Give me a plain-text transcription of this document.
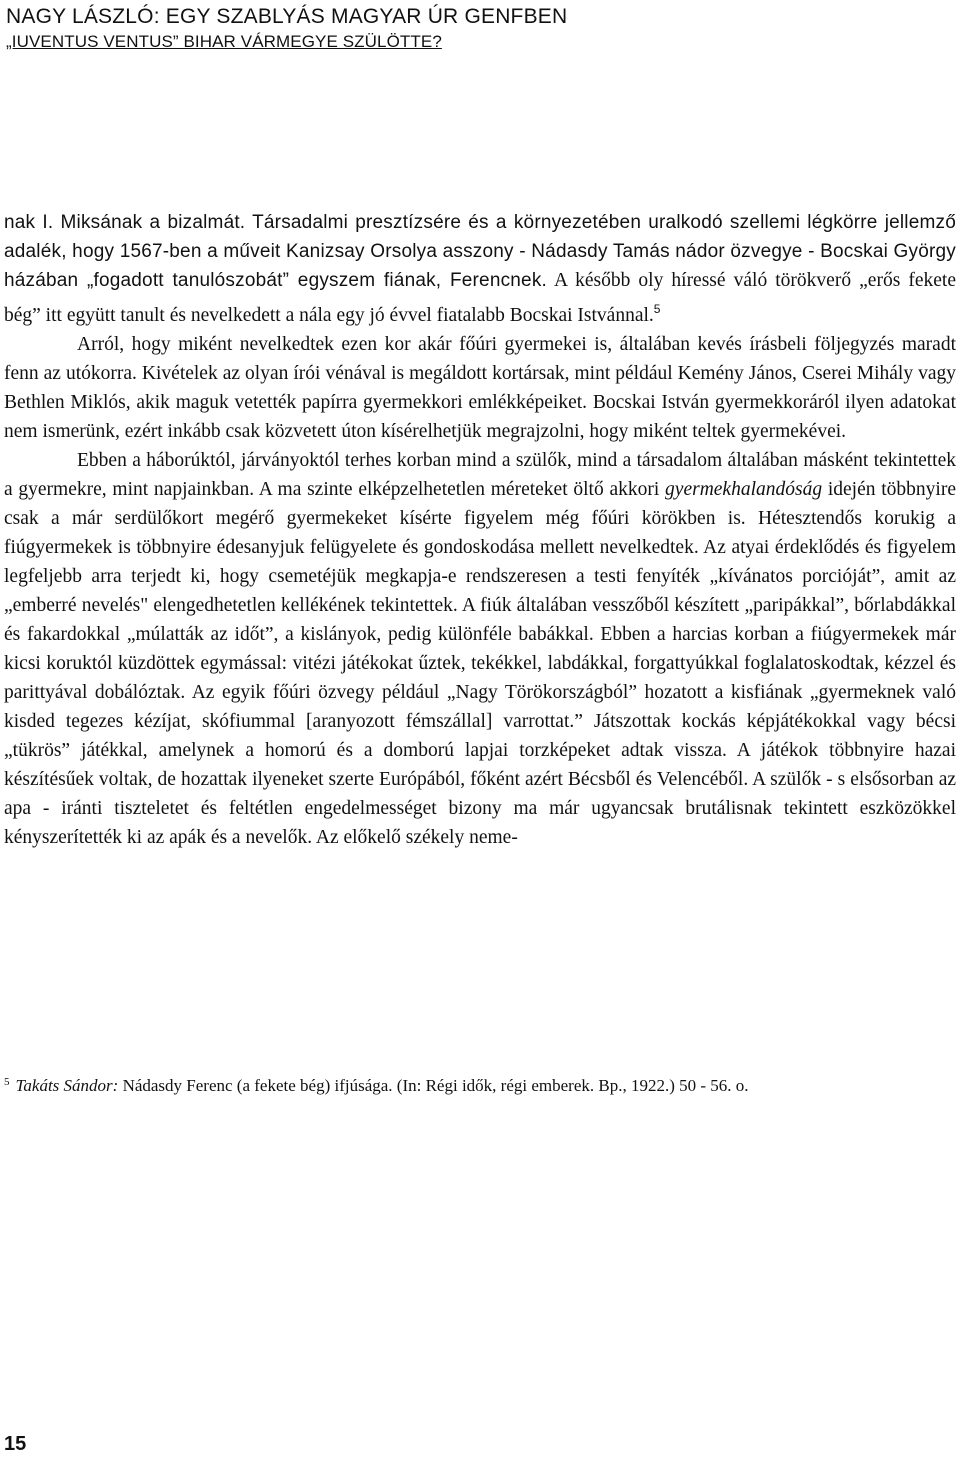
NAGY LÁSZLÓ: EGY SZABLYÁS MAGYAR ÚR GENFBEN
„IUVENTUS VENTUS” BIHAR VÁRMEGYE SZÜLÖTTE?

nak I. Miksának a bizalmát. Társadalmi presztízsére és a környezetében uralkodó szellemi légkörre jellemző adalék, hogy 1567-ben a műveit Kanizsay Orsolya asszony - Nádasdy Tamás nádor özvegye - Bocskai György házában „fogadott tanulószobát” egyszem fiának, Ferencnek. A később oly híressé váló törökverő „erős fekete bég” itt együtt tanult és nevelkedett a nála egy jó évvel fiatalabb Bocskai Istvánnal.$^5$

Arról, hogy miként nevelkedtek ezen kor akár főúri gyermekei is, általában kevés írásbeli följegyzés maradt fenn az utókorra. Kivételek az olyan írói vénával is megáldott kortársak, mint például Kemény János, Cserei Mihály vagy Bethlen Miklós, akik maguk vetették papírra gyermekkori emlékképeiket. Bocskai István gyermekkoráról ilyen adatokat nem ismerünk, ezért inkább csak közvetett úton kísérelhetjük megrajzolni, hogy miként teltek gyermekévei.

Ebben a háborúktól, járványoktól terhes korban mind a szülők, mind a társadalom általában másként tekintettek a gyermekre, mint napjainkban. A ma szinte elképzelhetetlen méreteket öltő akkori gyermekhalandóság idején többnyire csak a már serdülőkort megérő gyermekeket kísérte figyelem még főúri körökben is. Hétesztendős korukig a fiúgyermekek is többnyire édesanyjuk felügyelete és gondoskodása mellett nevelkedtek. Az atyai érdeklődés és figyelem legfeljebb arra terjedt ki, hogy csemetéjük megkapja-e rendszeresen a testi fenyíték „kívánatos porcióját”, amit az „emberré nevelés" elengedhetetlen kellékének tekintettek. A fiúk általában vesszőből készített „paripákkal”, bőrlabdákkal és fakardokkal „múlatták az időt”, a kislányok, pedig különféle babákkal. Ebben a harcias korban a fiúgyermekek már kicsi koruktól küzdöttek egymással: vitézi játékokat űztek, tekékkel, labdákkal, forgattyúkkal foglalatoskodtak, kézzel és parittyával dobálóztak. Az egyik főúri özvegy például „Nagy Törökországból” hozatott a kisfiának „gyermeknek való kisded tegezes kézíjat, skófiummal [aranyozott fémszállal] varrottat.” Játszottak kockás képjátékokkal vagy bécsi „tükrös” játékkal, amelynek a homorú és a domború lapjai torzképeket adtak vissza. A játékok többnyire hazai készítésűek voltak, de hozattak ilyeneket szerte Európából, főként azért Bécsből és Velencéből. A szülők - s elsősorban az apa - iránti tiszteletet és feltétlen engedelmességet bizony ma már ugyancsak brutálisnak tekintett eszközökkel kényszerítették ki az apák és a nevelők. Az előkelő székely neme-

$^5$ Takáts Sándor: Nádasdy Ferenc (a fekete bég) ifjúsága. (In: Régi idők, régi emberek. Bp., 1922.) 50 - 56. o.
15
